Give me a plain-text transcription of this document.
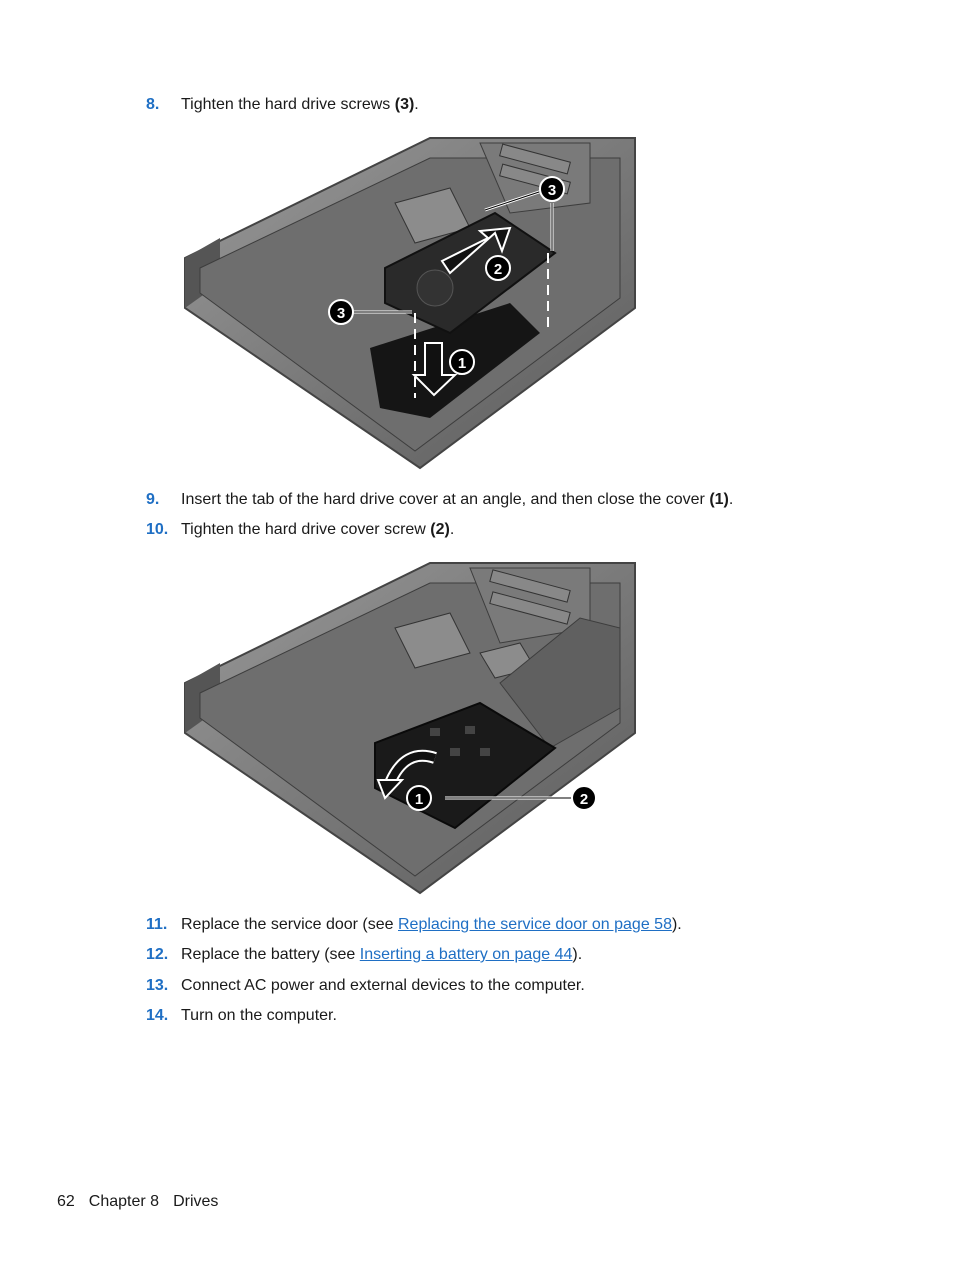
8.	Tighten the hard drive screws (3).
3
2
3
1
9.	Insert the tab of the hard drive cover at an angle, and then close the cover (1).
10. Tighten the hard drive cover screw (2).
1	2
11. Replace the service door (see Replacing the service door on page 58).
12. Replace the battery (see Inserting a battery on page 44).
13. Connect AC power and external devices to the computer.
14. Turn on the computer.
62 Chapter 8 Drives
